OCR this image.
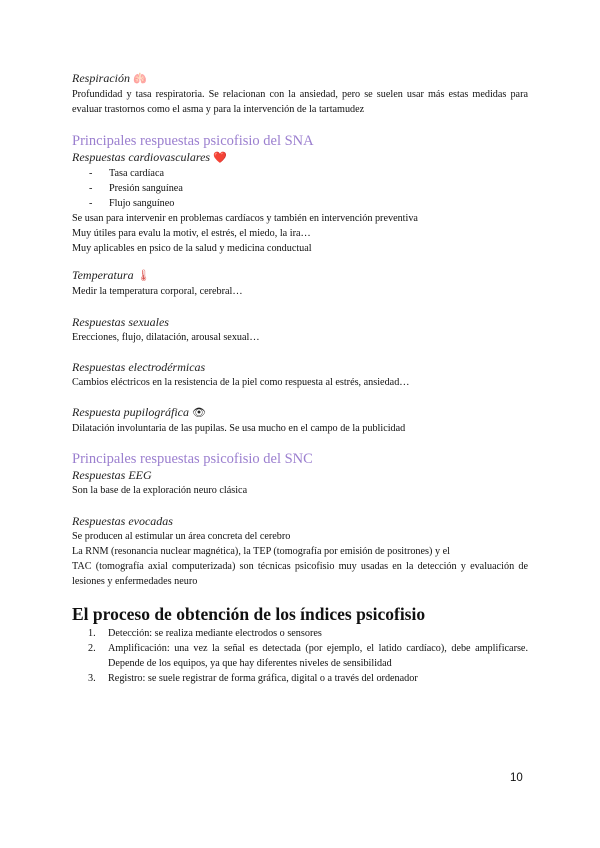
Respiración 🫁

Profundidad y tasa respiratoria. Se relacionan con la ansiedad, pero se suelen usar más estas medidas para evaluar trastornos como el asma y para la intervención de la tartamudez

Principales respuestas psicofisio del SNA

Respuestas cardiovasculares ❤️

- Tasa cardíaca
- Presión sanguínea
- Flujo sanguíneo

Se usan para intervenir en problemas cardíacos y también en intervención preventiva

Muy útiles para evalu la motiv, el estrés, el miedo, la ira…

Muy aplicables en psico de la salud y medicina conductual

Temperatura 🌡

Medir la temperatura corporal, cerebral…

Respuestas sexuales

Erecciones, flujo, dilatación, arousal sexual…

Respuestas electrodérmicas

Cambios eléctricos en la resistencia de la piel como respuesta al estrés, ansiedad…

Respuesta pupilográfica 👁

Dilatación involuntaria de las pupilas. Se usa mucho en el campo de la publicidad

Principales respuestas psicofisio del SNC

Respuestas EEG

Son la base de la exploración neuro clásica

Respuestas evocadas

Se producen al estimular un área concreta del cerebro

La RNM (resonancia nuclear magnética), la TEP (tomografía por emisión de positrones) y el

TAC (tomografía axial computerizada) son técnicas psicofisio muy usadas en la detección y evaluación de lesiones y enfermedades neuro

El proceso de obtención de los índices psicofisio

1. Detección: se realiza mediante electrodos o sensores
2. Amplificación: una vez la señal es detectada (por ejemplo, el latido cardíaco), debe amplificarse. Depende de los equipos, ya que hay diferentes niveles de sensibilidad
3. Registro: se suele registrar de forma gráfica, digital o a través del ordenador
10
